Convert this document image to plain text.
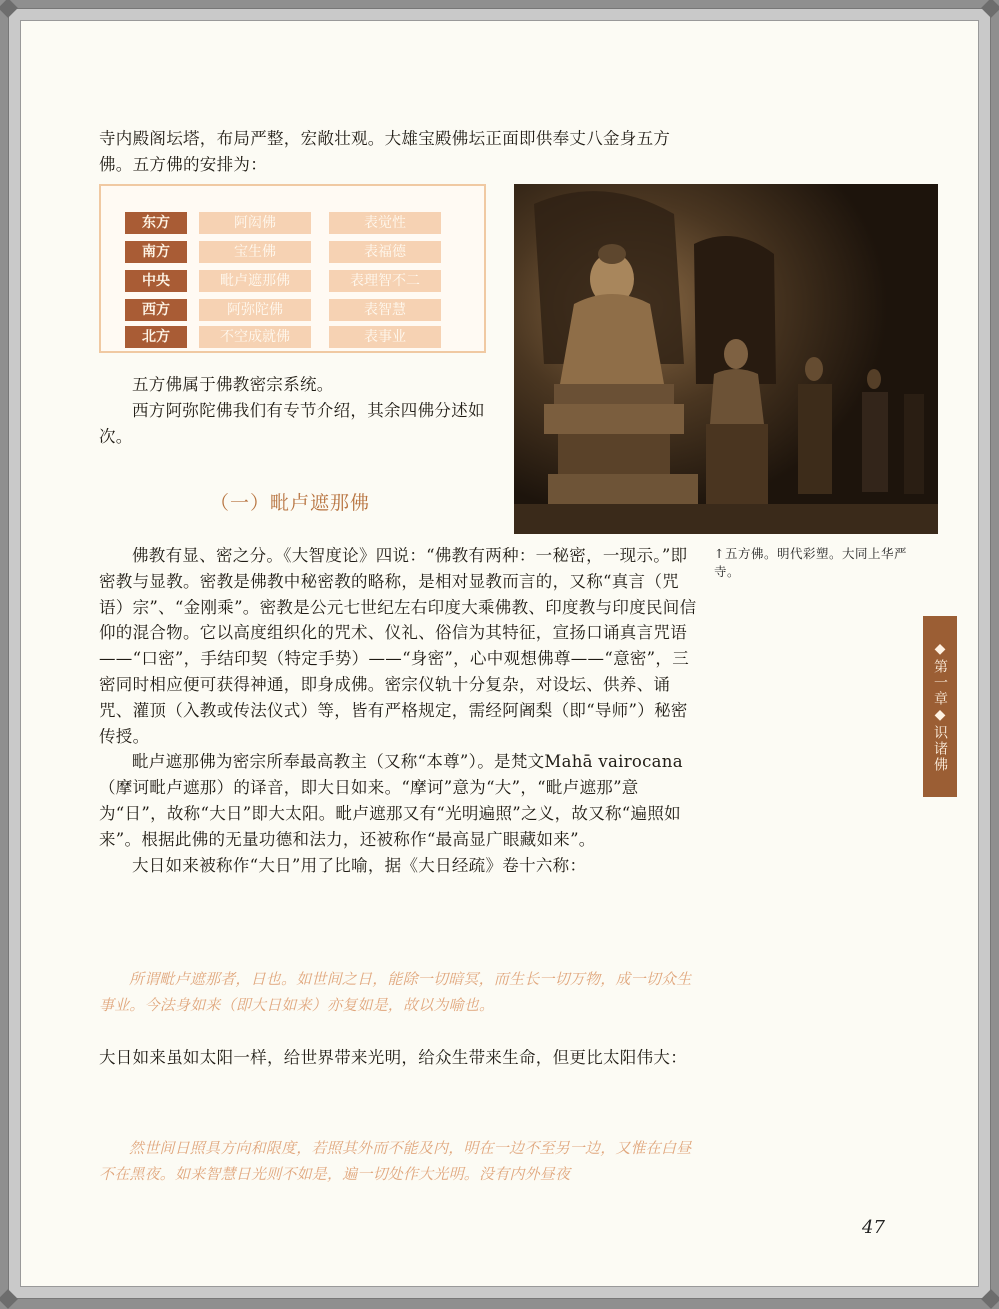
寺内殿阁坛塔，布局严整，宏敞壮观。大雄宝殿佛坛正面即供奉丈八金身五方佛。五方佛的安排为：

东方	阿闳佛	表觉性
南方	宝生佛	表福德
中央	毗卢遮那佛	表理智不二
西方	阿弥陀佛	表智慧
北方	不空成就佛	表事业

五方佛属于佛教密宗系统。

西方阿弥陀佛我们有专节介绍，其余四佛分述如次。

↑五方佛。明代彩塑。大同上华严寺。
（一）毗卢遮那佛

佛教有显、密之分。《大智度论》四说：“佛教有两种：一秘密，一现示。”即密教与显教。密教是佛教中秘密教的略称，是相对显教而言的，又称“真言（咒语）宗”、“金刚乘”。密教是公元七世纪左右印度大乘佛教、印度教与印度民间信仰的混合物。它以高度组织化的咒术、仪礼、俗信为其特征，宣扬口诵真言咒语——“口密”，手结印契（特定手势）——“身密”，心中观想佛尊——“意密”，三密同时相应便可获得神通，即身成佛。密宗仪轨十分复杂，对设坛、供养、诵咒、灌顶（入教或传法仪式）等，皆有严格规定，需经阿阇梨（即“导师”）秘密传授。

毗卢遮那佛为密宗所奉最高教主（又称“本尊”）。是梵文Mahā vairocana（摩诃毗卢遮那）的译音，即大日如来。“摩诃”意为“大”，“毗卢遮那”意为“日”，故称“大日”即大太阳。毗卢遮那又有“光明遍照”之义，故又称“遍照如来”。根据此佛的无量功德和法力，还被称作“最高显广眼藏如来”。

大日如来被称作“大日”用了比喻，据《大日经疏》卷十六称：

所谓毗卢遮那者，日也。如世间之日，能除一切暗冥，而生长一切万物，成一切众生事业。今法身如来（即大日如来）亦复如是，故以为喻也。

大日如来虽如太阳一样，给世界带来光明，给众生带来生命，但更比太阳伟大：

然世间日照具方向和限度，若照其外而不能及内，明在一边不至另一边，又惟在白昼不在黑夜。如来智慧日光则不如是，遍一切处作大光明。没有内外昼夜
◆第一章◆识诸佛
47
